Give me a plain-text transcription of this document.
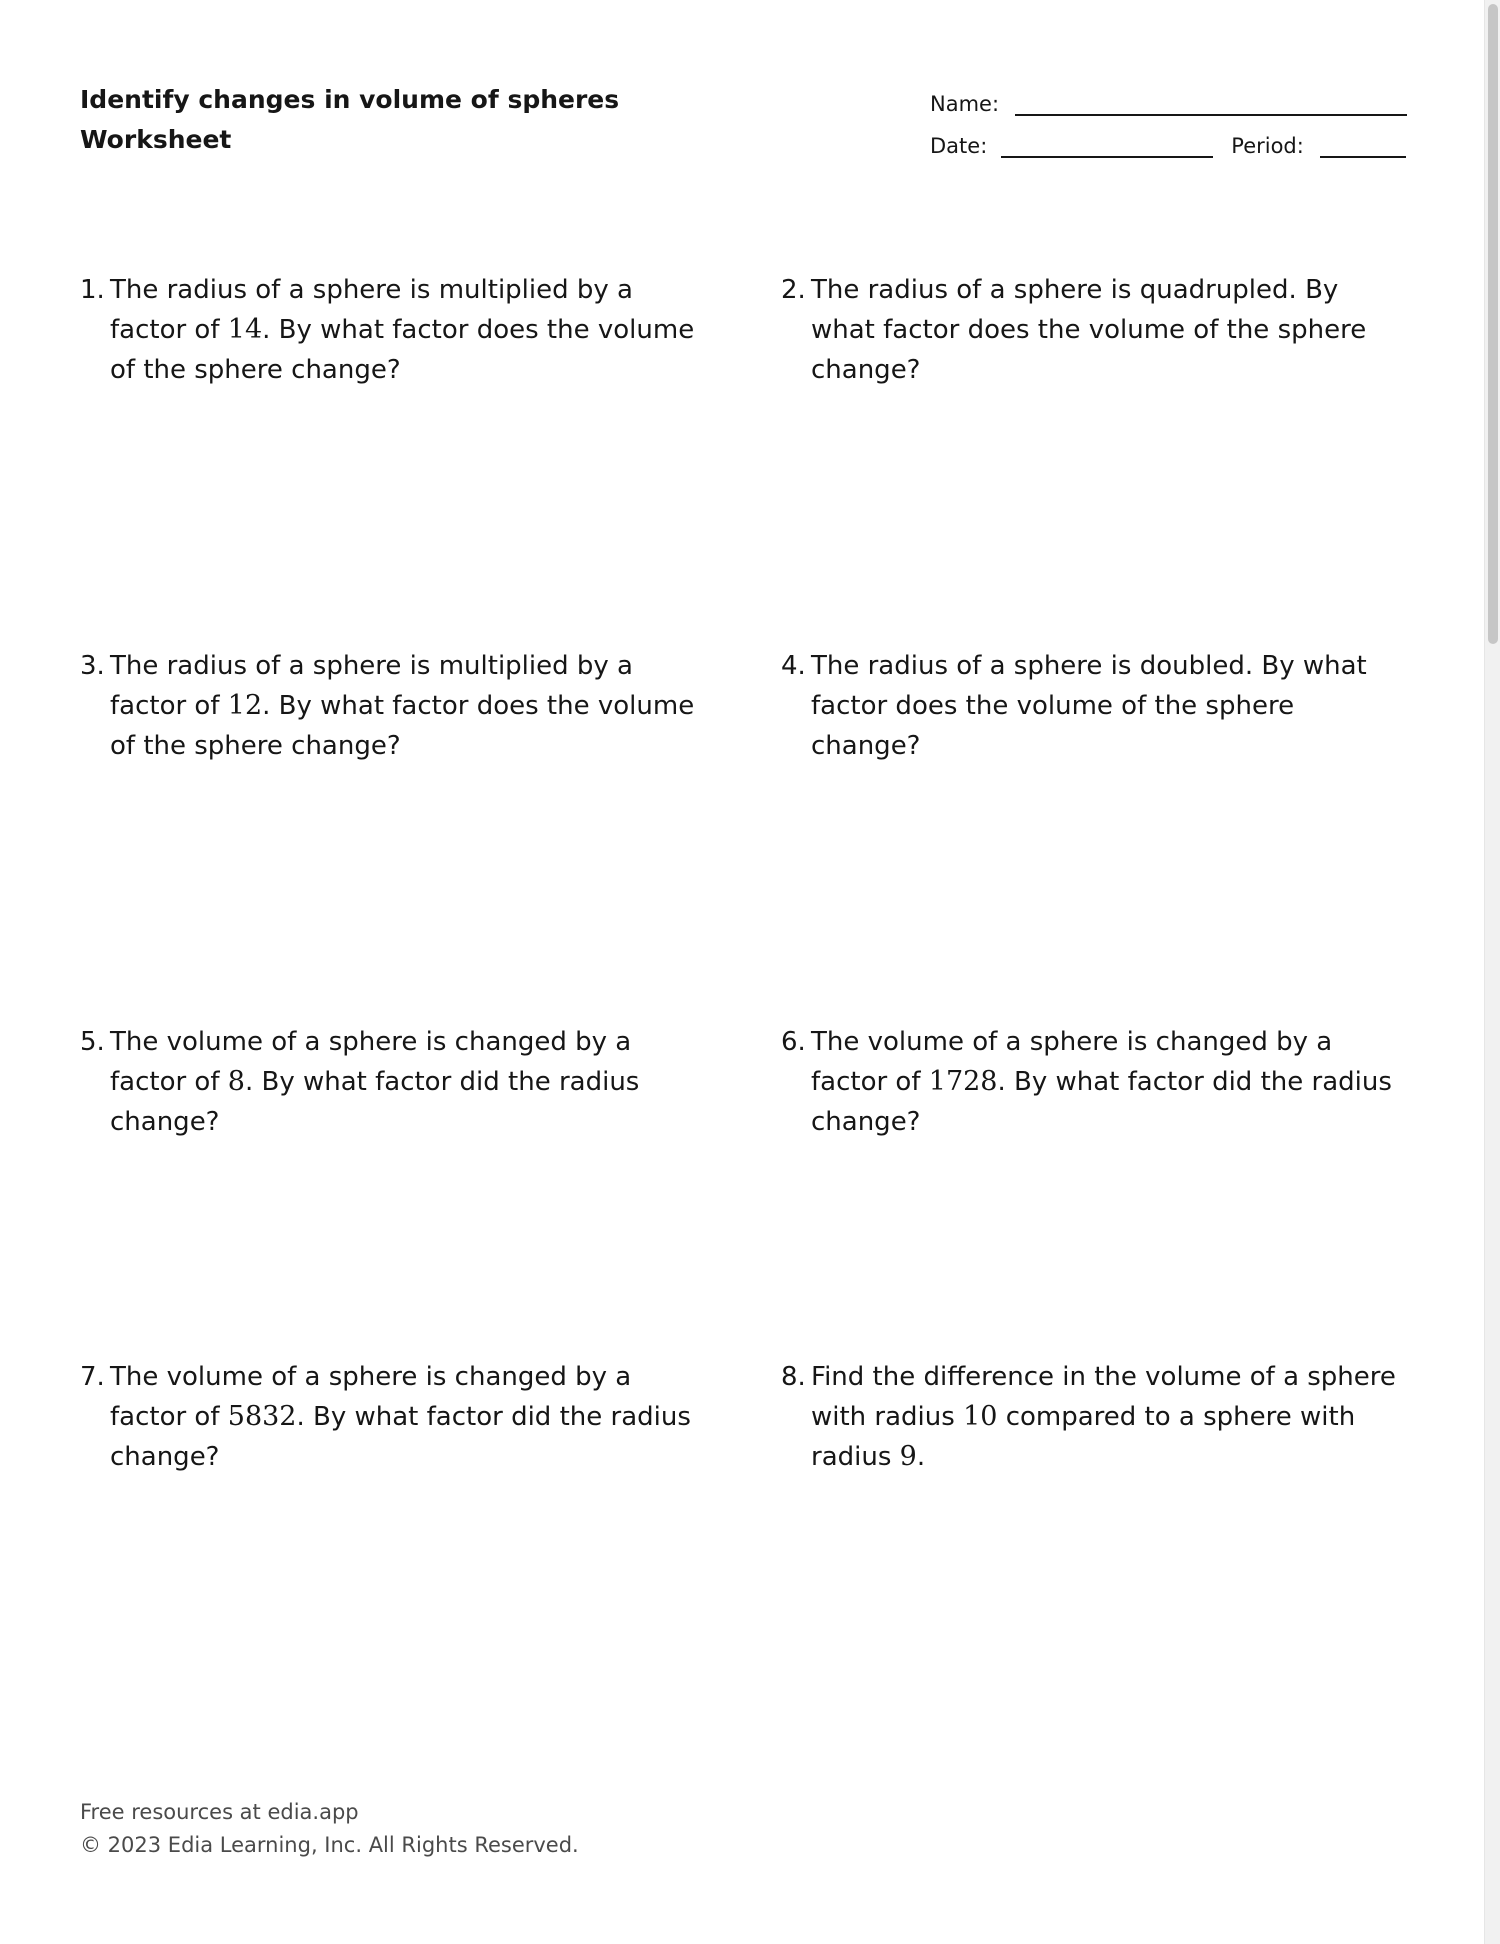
Identify changes in volume of spheres
Worksheet
Name:
Date:	Period:
1. The radius of a sphere is multiplied by a factor of 14. By what factor does the volume of the sphere change?
2. The radius of a sphere is quadrupled. By what factor does the volume of the sphere change?
3. The radius of a sphere is multiplied by a factor of 12. By what factor does the volume of the sphere change?
4. The radius of a sphere is doubled. By what factor does the volume of the sphere change?
5. The volume of a sphere is changed by a factor of 8. By what factor did the radius change?
6. The volume of a sphere is changed by a factor of 1728. By what factor did the radius change?
7. The volume of a sphere is changed by a factor of 5832. By what factor did the radius change?
8. Find the difference in the volume of a sphere with radius 10 compared to a sphere with radius 9.
Free resources at edia.app
© 2023 Edia Learning, Inc. All Rights Reserved.
